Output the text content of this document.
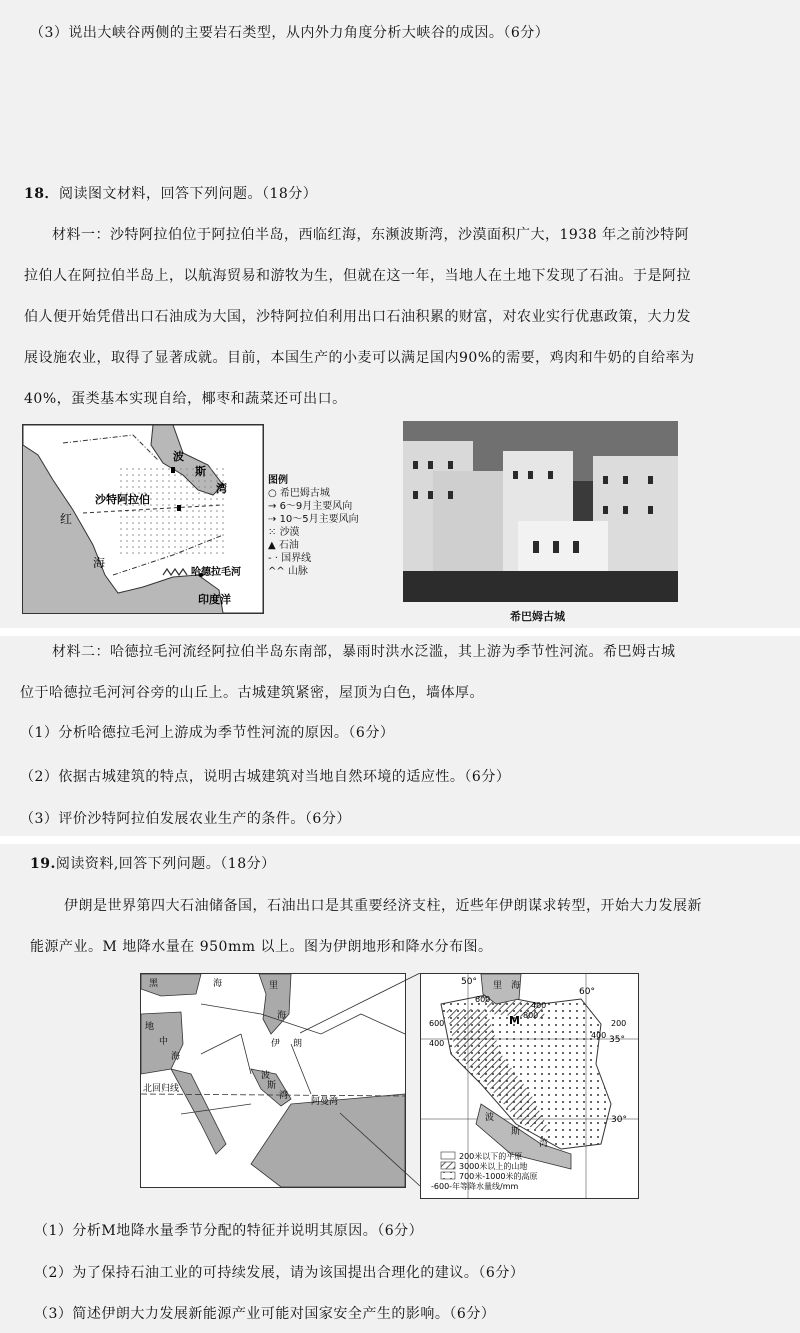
（3）说出大峡谷两侧的主要岩石类型，从内外力角度分析大峡谷的成因。（6分）
18．阅读图文材料，回答下列问题。（18分）
材料一：沙特阿拉伯位于阿拉伯半岛，西临红海，东濒波斯湾，沙漠面积广大，1938 年之前沙特阿
拉伯人在阿拉伯半岛上，以航海贸易和游牧为生，但就在这一年，当地人在土地下发现了石油。于是阿拉
伯人便开始凭借出口石油成为大国，沙特阿拉伯利用出口石油积累的财富，对农业实行优惠政策，大力发
展设施农业，取得了显著成就。目前，本国生产的小麦可以满足国内90%的需要，鸡肉和牛奶的自给率为
40%，蛋类基本实现自给，椰枣和蔬菜还可出口。
红
海
波
斯
湾
沙特阿拉伯
哈德拉毛河
印度洋
图例
○ 希巴姆古城
→ 6～9月主要风向
⇢ 10～5月主要风向
⁙ 沙漠
▲ 石油
- · 国界线
^^ 山脉
希巴姆古城
材料二：哈德拉毛河流经阿拉伯半岛东南部，暴雨时洪水泛滥，其上游为季节性河流。希巴姆古城
位于哈德拉毛河河谷旁的山丘上。古城建筑紧密，屋顶为白色，墙体厚。
（1）分析哈德拉毛河上游成为季节性河流的原因。（6分）
（2）依据古城建筑的特点，说明古城建筑对当地自然环境的适应性。（6分）
（3）评价沙特阿拉伯发展农业生产的条件。（6分）
19.阅读资料,回答下列问题。（18分）
伊朗是世界第四大石油储备国，石油出口是其重要经济支柱，近些年伊朗谋求转型，开始大力发展新
能源产业。M 地降水量在 950mm 以上。图为伊朗地形和降水分布图。
黑	海	里
海
地
中
海
伊 朗
波
斯
湾
阿曼湾
北回归线
50°
60°
35°
30°
里 海
M
600
400
800
600
400
400
200
波
斯
湾
200米以下的平原
3000米以上的山地
700米-1000米的高原
-600-年等降水量线/mm
（1）分析M地降水量季节分配的特征并说明其原因。（6分）
（2）为了保持石油工业的可持续发展，请为该国提出合理化的建议。（6分）
（3）简述伊朗大力发展新能源产业可能对国家安全产生的影响。（6分）
